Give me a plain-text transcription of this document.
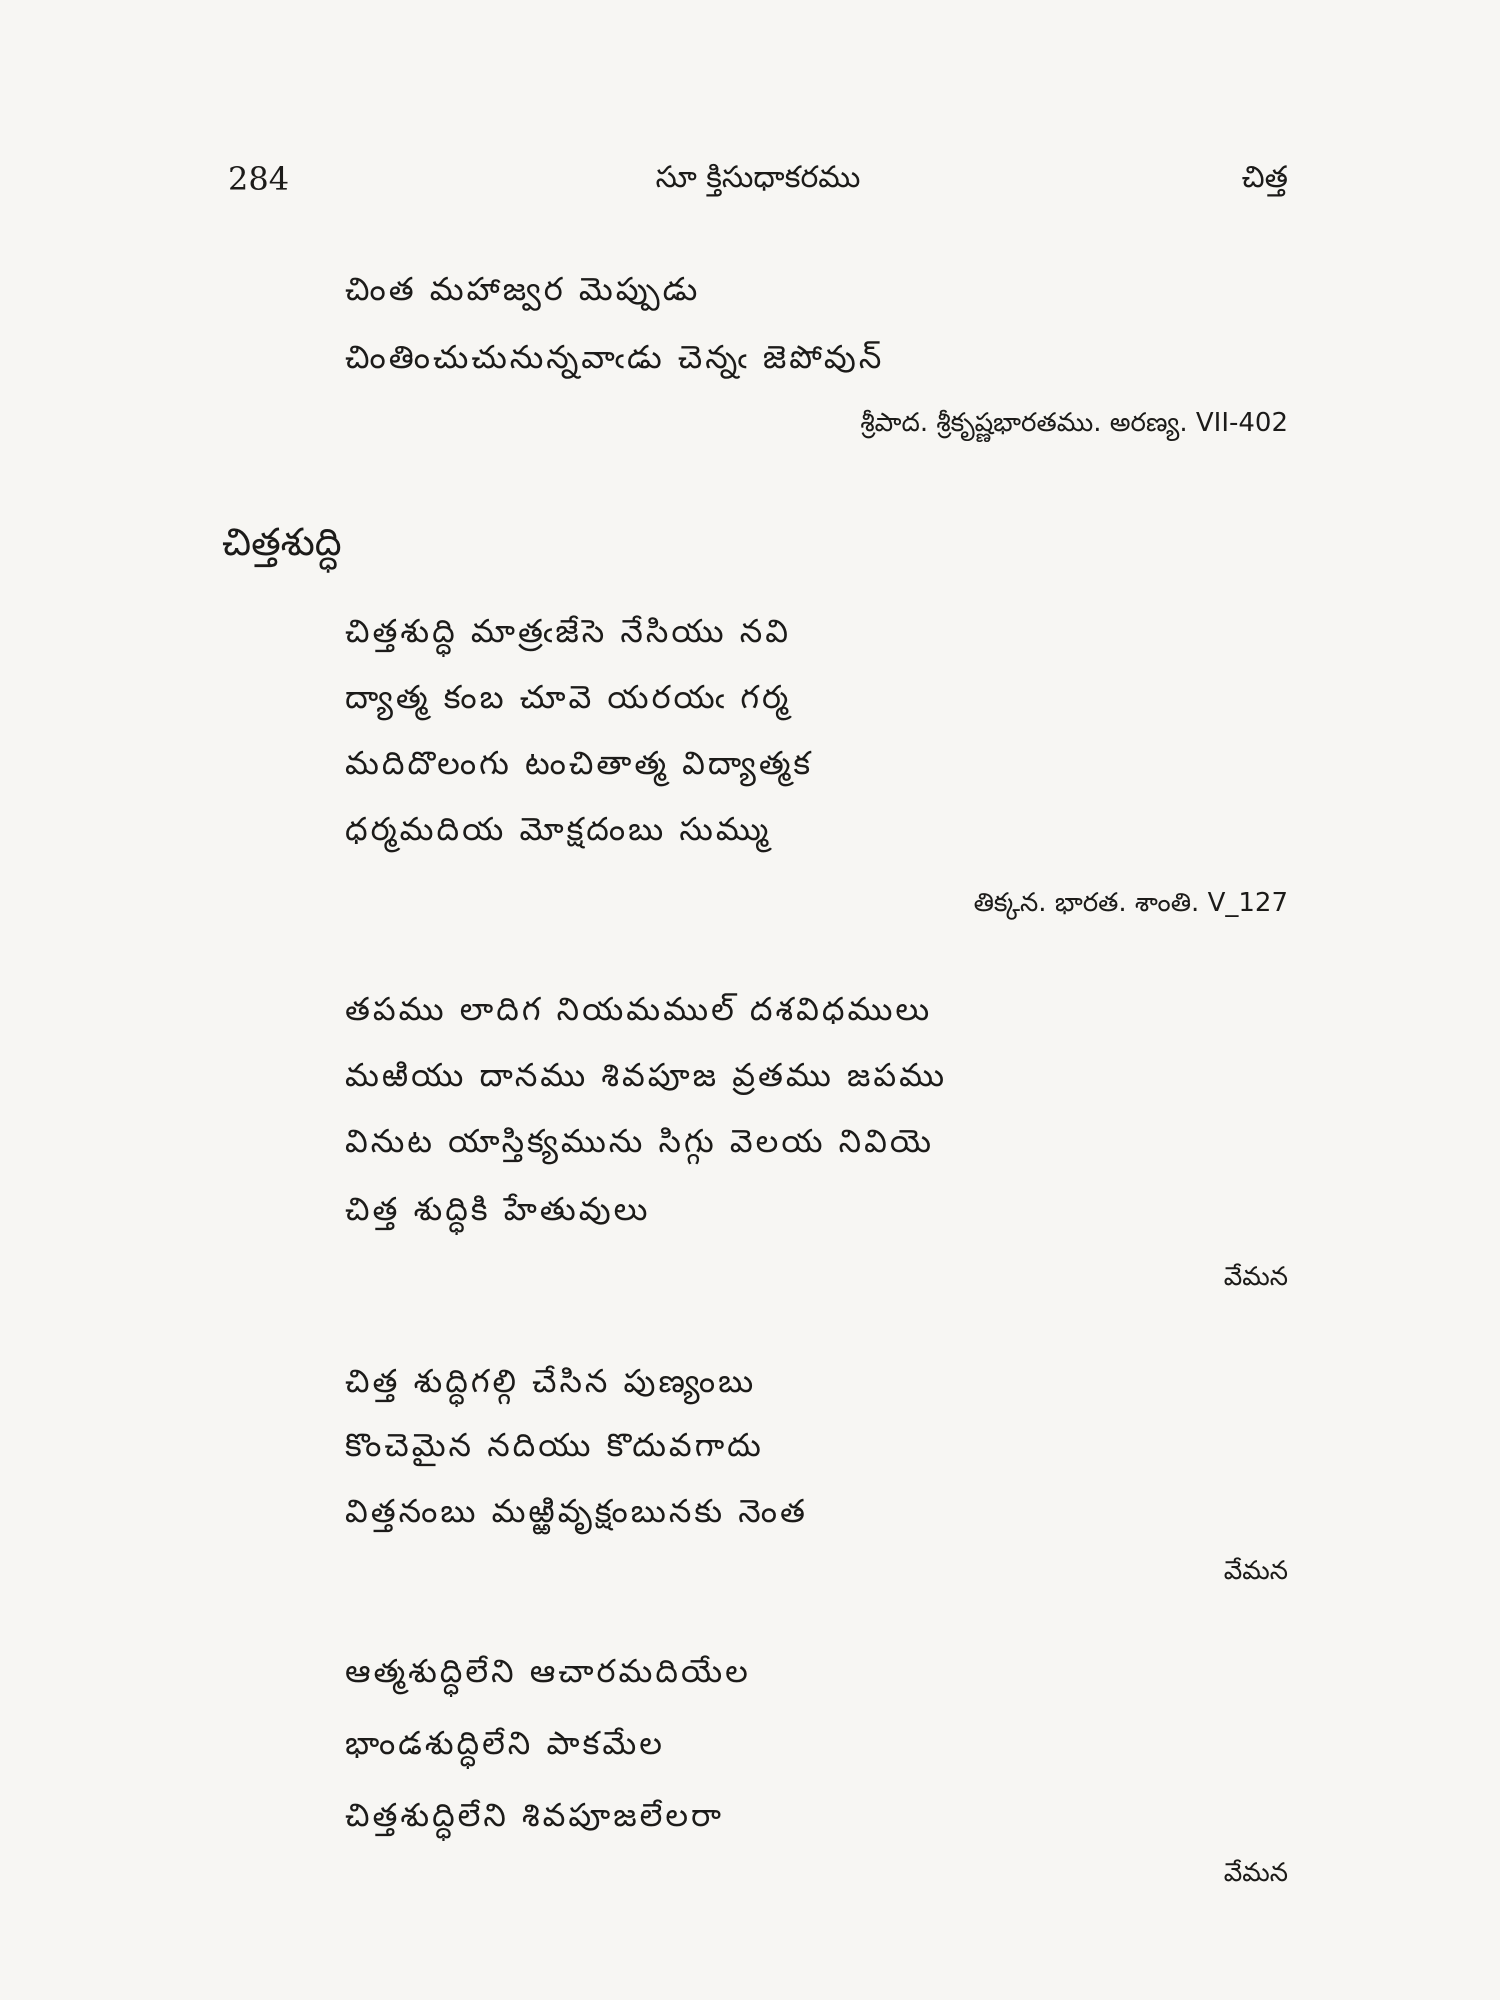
284	సూ క్తిసుధాకరము	చిత్త
చింత మహాజ్వర మెప్పుడు
చింతించుచునున్నవాఁడు చెన్నఁ జెపోవున్
శ్రీపాద. శ్రీకృష్ణభారతము. అరణ్య. VII-402
చిత్తశుద్ధి
చిత్తశుద్ధి మాత్రఁజేసె నేసియు నవి
ద్యాత్మ కంబ చూవె యరయఁ గర్మ
మదిదొలంగు టంచితాత్మ విద్యాత్మక
ధర్మమదియ మోక్షదంబు సుమ్ము
తిక్కన. భారత. శాంతి. V_127
తపము లాదిగ నియమముల్ దశవిధములు
మఱియు దానము శివపూజ వ్రతము జపము
వినుట యాస్తిక్యమును సిగ్గు వెలయ నివియె
చిత్త శుద్ధికి హేతువులు
వేమన
చిత్త శుద్ధిగల్గి చేసిన పుణ్యంబు
కొంచెమైన నదియు కొదువగాదు
విత్తనంబు మఱ్ఱివృక్షంబునకు నెంత
వేమన
ఆత్మశుద్ధిలేని ఆచారమదియేల
భాండశుద్ధిలేని పాకమేల
చిత్తశుద్ధిలేని శివపూజలేలరా
వేమన
